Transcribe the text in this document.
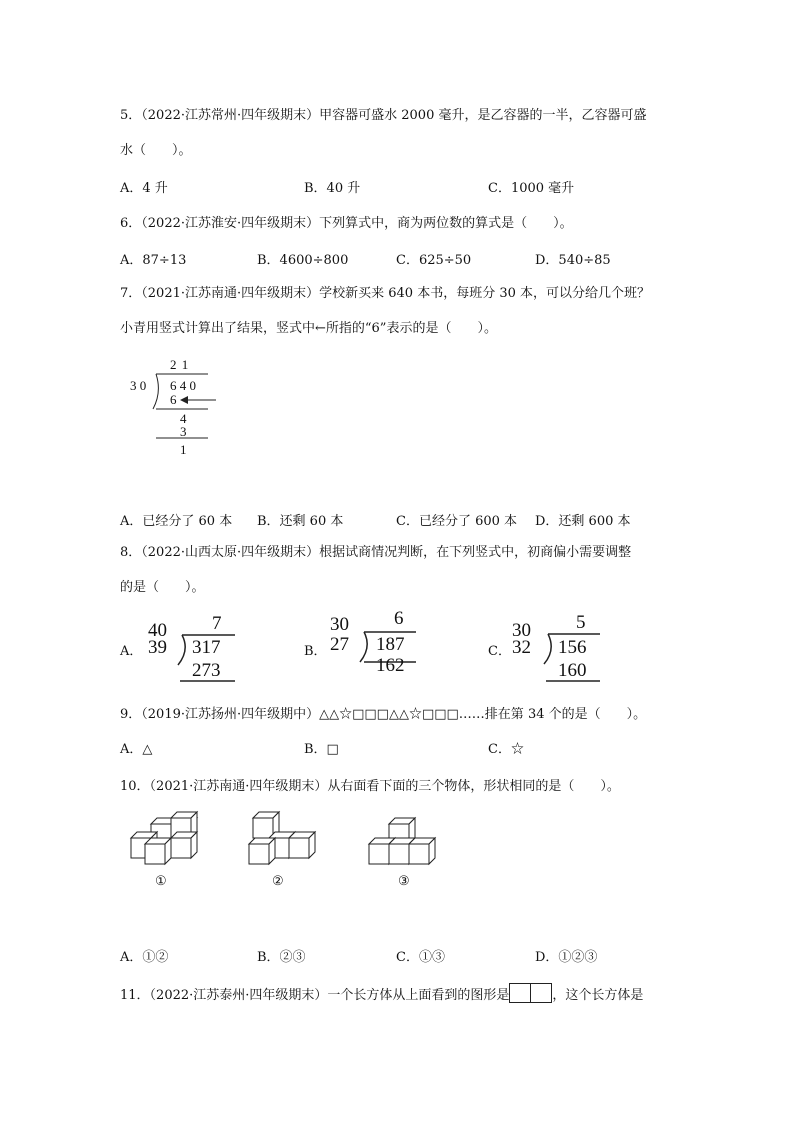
5．（2022·江苏常州·四年级期末）甲容器可盛水 2000 毫升，是乙容器的一半，乙容器可盛
水（　　）。
A．4 升	B．40 升	C．1000 毫升
6．（2022·江苏淮安·四年级期末）下列算式中，商为两位数的算式是（　　）。
A．87÷13	B．4600÷800	C．625÷50	D．540÷85
7．（2021·江苏南通·四年级期末）学校新买来 640 本书，每班分 30 本，可以分给几个班？
小青用竖式计算出了结果，竖式中←所指的“6”表示的是（　　）。
2 1
3 0 6 4 0
6
4
3
1
A．已经分了 60 本 B．还剩 60 本	C．已经分了 600 本 D．还剩 600 本
8．（2022·山西太原·四年级期末）根据试商情况判断，在下列竖式中，初商偏小需要调整
的是（　　）。
A．
40
39
7
317
273
B．
30
27
6
187
162
C．
30
32
5
156
160
9．（2019·江苏扬州·四年级期中）△△☆□□□△△☆□□□……排在第 34 个的是（　　）。
A．△	B．□	C．☆
10．（2021·江苏南通·四年级期末）从右面看下面的三个物体，形状相同的是（　　）。
①	②	③
A．①②	B．②③	C．①③	D．①②③
11．（2022·江苏泰州·四年级期末）一个长方体从上面看到的图形是	，这个长方体是
